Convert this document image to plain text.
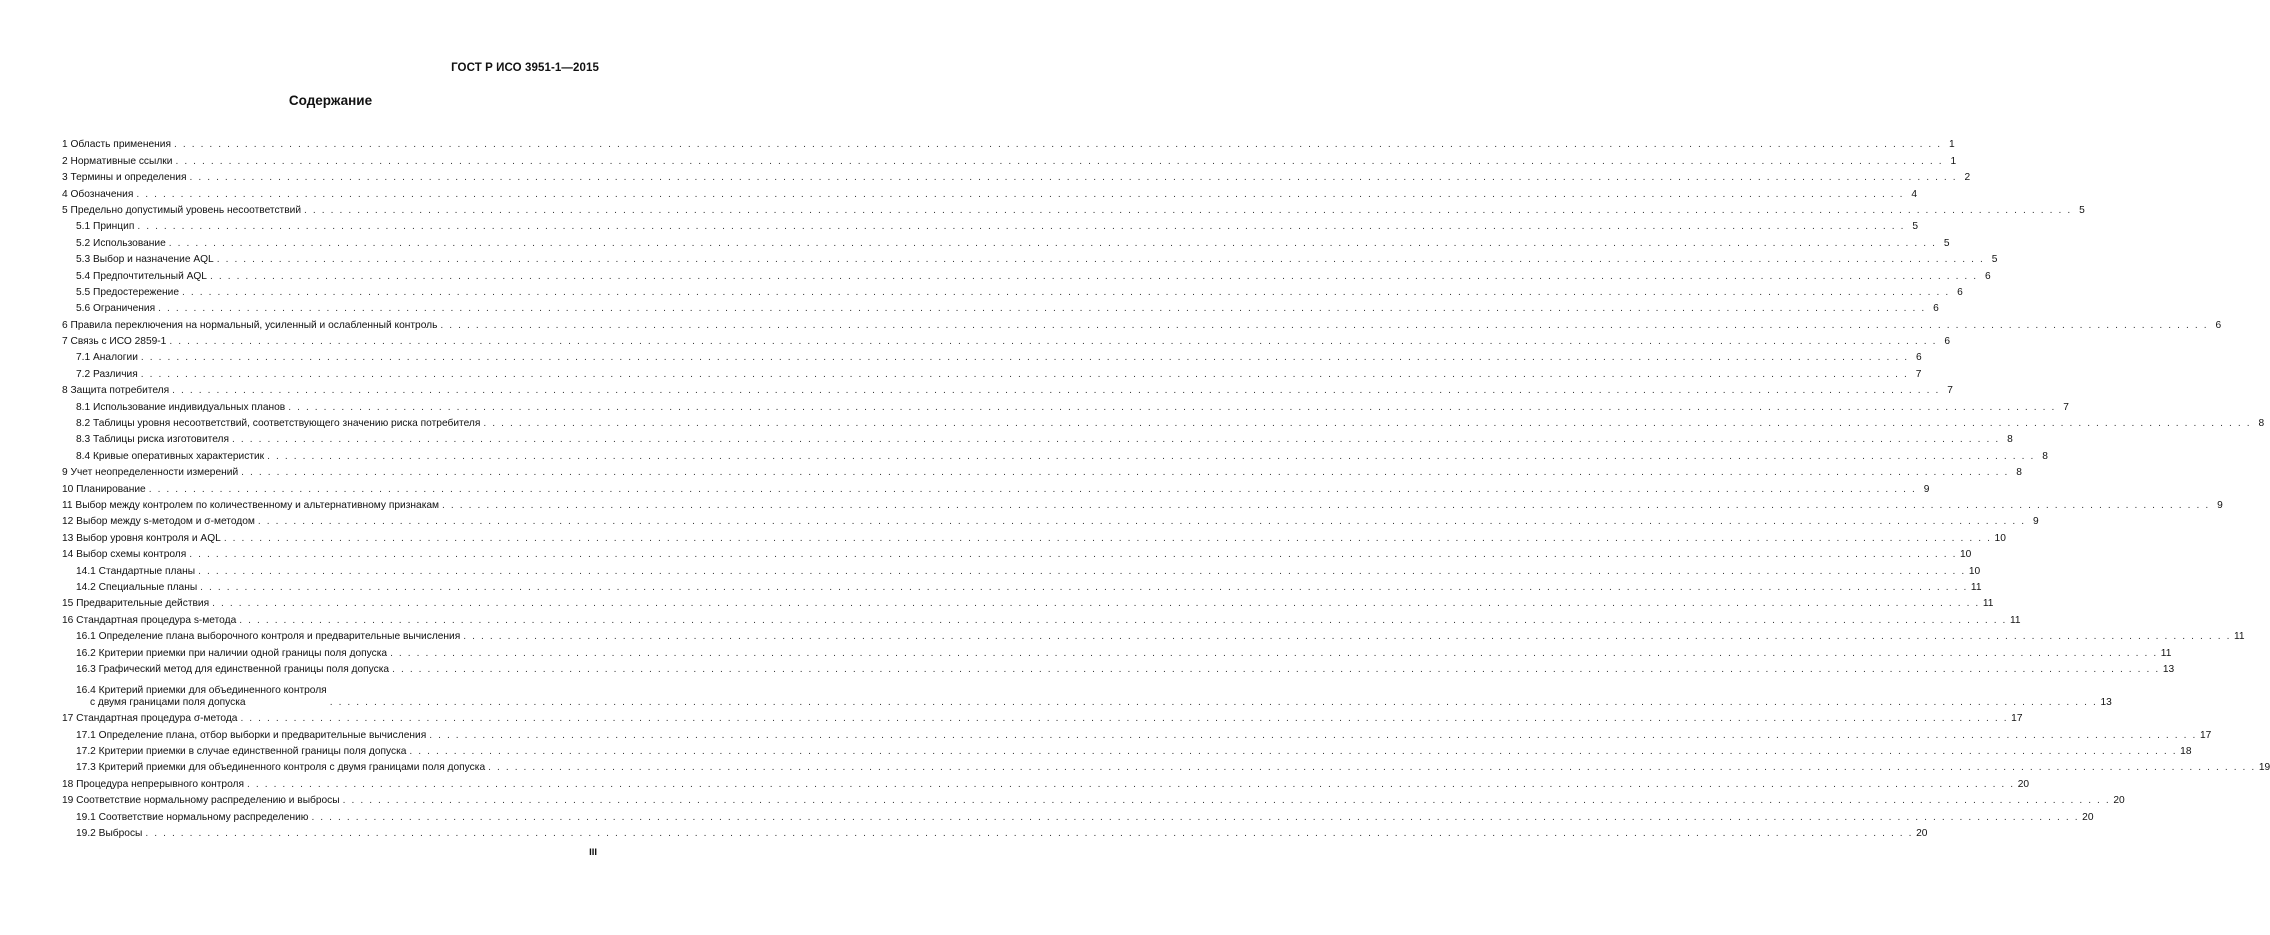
ГОСТ Р ИСО 3951-1—2015
Содержание
1 Область применения . . . . . . . . . . . . . . . . . . . . . . . . . . . . . . . . . . . . . . . . . . . . . . . . . . . . . . . . . . . . . . . . . . . . . . . . . . . . . . . . . . . . . . . . . . . . . . . . . . . . . . . . . . . . . . . . . . . . . . . . . . . . . . . . . . . . . . . . . . . . . . . . . . . . . . . . . . . . . . . . . . . . . . . . . . . . . . . . . . . . . . . . . . . . . . . . . . . . . . . . 1
2 Нормативные ссылки . . . . . . . . . . . . . . . . . . . . . . . . . . . . . . . . . . . . . . . . . . . . . . . . . . . . . . . . . . . . . . . . . . . . . . . . . . . . . . . . . . . . . . . . . . . . . . . . . . . . . . . . . . . . . . . . . . . . . . . . . . . . . . . . . . . . . . . . . . . . . . . . . . . . . . . . . . . . . . . . . . . . . . . . . . . . . . . . . . . . . . . . . . . . . . . . . . . . . . . . 1
3 Термины и определения . . . . . . . . . . . . . . . . . . . . . . . . . . . . . . . . . . . . . . . . . . . . . . . . . . . . . . . . . . . . . . . . . . . . . . . . . . . . . . . . . . . . . . . . . . . . . . . . . . . . . . . . . . . . . . . . . . . . . . . . . . . . . . . . . . . . . . . . . . . . . . . . . . . . . . . . . . . . . . . . . . . . . . . . . . . . . . . . . . . . . . . . . . . . . . . . . . . . . . . . 2
4 Обозначения . . . . . . . . . . . . . . . . . . . . . . . . . . . . . . . . . . . . . . . . . . . . . . . . . . . . . . . . . . . . . . . . . . . . . . . . . . . . . . . . . . . . . . . . . . . . . . . . . . . . . . . . . . . . . . . . . . . . . . . . . . . . . . . . . . . . . . . . . . . . . . . . . . . . . . . . . . . . . . . . . . . . . . . . . . . . . . . . . . . . . . . . . . . . . . . . . . . . . . . . 4
5 Предельно допустимый уровень несоответствий . . . . . . . . . . . . . . . . . . . . . . . . . . . . . . . . . . . . . . . . . . . . . . . . . . . . . . . . . . . . . . . . . . . . . . . . . . . . . . . . . . . . . . . . . . . . . . . . . . . . . . . . . . . . . . . . . . . . . . . . . . . . . . . . . . . . . . . . . . . . . . . . . . . . . . . . . . . . . . . . . . . . . . . . . . . . . . . . . . . . . . . . . . . . . . . . . . . . . . . . 5
5.1 Принцип . . . . . . . . . . . . . . . . . . . . . . . . . . . . . . . . . . . . . . . . . . . . . . . . . . . . . . . . . . . . . . . . . . . . . . . . . . . . . . . . . . . . . . . . . . . . . . . . . . . . . . . . . . . . . . . . . . . . . . . . . . . . . . . . . . . . . . . . . . . . . . . . . . . . . . . . . . . . . . . . . . . . . . . . . . . . . . . . . . . . . . . . . . . . . . . . . . . . . . . . 5
5.2 Использование . . . . . . . . . . . . . . . . . . . . . . . . . . . . . . . . . . . . . . . . . . . . . . . . . . . . . . . . . . . . . . . . . . . . . . . . . . . . . . . . . . . . . . . . . . . . . . . . . . . . . . . . . . . . . . . . . . . . . . . . . . . . . . . . . . . . . . . . . . . . . . . . . . . . . . . . . . . . . . . . . . . . . . . . . . . . . . . . . . . . . . . . . . . . . . . . . . . . . . . . 5
5.3 Выбор и назначение AQL . . . . . . . . . . . . . . . . . . . . . . . . . . . . . . . . . . . . . . . . . . . . . . . . . . . . . . . . . . . . . . . . . . . . . . . . . . . . . . . . . . . . . . . . . . . . . . . . . . . . . . . . . . . . . . . . . . . . . . . . . . . . . . . . . . . . . . . . . . . . . . . . . . . . . . . . . . . . . . . . . . . . . . . . . . . . . . . . . . . . . . . . . . . . . . . . . . . . . . . . 5
5.4 Предпочтительный AQL . . . . . . . . . . . . . . . . . . . . . . . . . . . . . . . . . . . . . . . . . . . . . . . . . . . . . . . . . . . . . . . . . . . . . . . . . . . . . . . . . . . . . . . . . . . . . . . . . . . . . . . . . . . . . . . . . . . . . . . . . . . . . . . . . . . . . . . . . . . . . . . . . . . . . . . . . . . . . . . . . . . . . . . . . . . . . . . . . . . . . . . . . . . . . . . . . . . . . . . . 6
5.5 Предостережение . . . . . . . . . . . . . . . . . . . . . . . . . . . . . . . . . . . . . . . . . . . . . . . . . . . . . . . . . . . . . . . . . . . . . . . . . . . . . . . . . . . . . . . . . . . . . . . . . . . . . . . . . . . . . . . . . . . . . . . . . . . . . . . . . . . . . . . . . . . . . . . . . . . . . . . . . . . . . . . . . . . . . . . . . . . . . . . . . . . . . . . . . . . . . . . . . . . . . . . . 6
5.6 Ограничения . . . . . . . . . . . . . . . . . . . . . . . . . . . . . . . . . . . . . . . . . . . . . . . . . . . . . . . . . . . . . . . . . . . . . . . . . . . . . . . . . . . . . . . . . . . . . . . . . . . . . . . . . . . . . . . . . . . . . . . . . . . . . . . . . . . . . . . . . . . . . . . . . . . . . . . . . . . . . . . . . . . . . . . . . . . . . . . . . . . . . . . . . . . . . . . . . . . . . . . . 6
6 Правила переключения на нормальный, усиленный и ослабленный контроль . . . . . . . . . . . . . . . . . . . . . . . . . . . . . . . . . . . . . . . . . . . . . . . . . . . . . . . . . . . . . . . . . . . . . . . . . . . . . . . . . . . . . . . . . . . . . . . . . . . . . . . . . . . . . . . . . . . . . . . . . . . . . . . . . . . . . . . . . . . . . . . . . . . . . . . . . . . . . . . . . . . . . . . . . . . . . . . . . . . . . . . . . . . . . . . . . . . . . . . . 6
7 Связь с ИСО 2859-1 . . . . . . . . . . . . . . . . . . . . . . . . . . . . . . . . . . . . . . . . . . . . . . . . . . . . . . . . . . . . . . . . . . . . . . . . . . . . . . . . . . . . . . . . . . . . . . . . . . . . . . . . . . . . . . . . . . . . . . . . . . . . . . . . . . . . . . . . . . . . . . . . . . . . . . . . . . . . . . . . . . . . . . . . . . . . . . . . . . . . . . . . . . . . . . . . . . . . . . . . 6
7.1 Аналогии . . . . . . . . . . . . . . . . . . . . . . . . . . . . . . . . . . . . . . . . . . . . . . . . . . . . . . . . . . . . . . . . . . . . . . . . . . . . . . . . . . . . . . . . . . . . . . . . . . . . . . . . . . . . . . . . . . . . . . . . . . . . . . . . . . . . . . . . . . . . . . . . . . . . . . . . . . . . . . . . . . . . . . . . . . . . . . . . . . . . . . . . . . . . . . . . . . . . . . . . 6
7.2 Различия . . . . . . . . . . . . . . . . . . . . . . . . . . . . . . . . . . . . . . . . . . . . . . . . . . . . . . . . . . . . . . . . . . . . . . . . . . . . . . . . . . . . . . . . . . . . . . . . . . . . . . . . . . . . . . . . . . . . . . . . . . . . . . . . . . . . . . . . . . . . . . . . . . . . . . . . . . . . . . . . . . . . . . . . . . . . . . . . . . . . . . . . . . . . . . . . . . . . . . . . 7
8 Защита потребителя . . . . . . . . . . . . . . . . . . . . . . . . . . . . . . . . . . . . . . . . . . . . . . . . . . . . . . . . . . . . . . . . . . . . . . . . . . . . . . . . . . . . . . . . . . . . . . . . . . . . . . . . . . . . . . . . . . . . . . . . . . . . . . . . . . . . . . . . . . . . . . . . . . . . . . . . . . . . . . . . . . . . . . . . . . . . . . . . . . . . . . . . . . . . . . . . . . . . . . . . 7
8.1 Использование индивидуальных планов . . . . . . . . . . . . . . . . . . . . . . . . . . . . . . . . . . . . . . . . . . . . . . . . . . . . . . . . . . . . . . . . . . . . . . . . . . . . . . . . . . . . . . . . . . . . . . . . . . . . . . . . . . . . . . . . . . . . . . . . . . . . . . . . . . . . . . . . . . . . . . . . . . . . . . . . . . . . . . . . . . . . . . . . . . . . . . . . . . . . . . . . . . . . . . . . . . . . . . . . 7
8.2 Таблицы уровня несоответствий, соответствующего значению риска потребителя . . . . . . . . . . . . . . . . . . . . . . . . . . . . . . . . . . . . . . . . . . . . . . . . . . . . . . . . . . . . . . . . . . . . . . . . . . . . . . . . . . . . . . . . . . . . . . . . . . . . . . . . . . . . . . . . . . . . . . . . . . . . . . . . . . . . . . . . . . . . . . . . . . . . . . . . . . . . . . . . . . . . . . . . . . . . . . . . . . . . . . . . . . . . . . . . . . . . . . . . 8
8.3 Таблицы риска изготовителя . . . . . . . . . . . . . . . . . . . . . . . . . . . . . . . . . . . . . . . . . . . . . . . . . . . . . . . . . . . . . . . . . . . . . . . . . . . . . . . . . . . . . . . . . . . . . . . . . . . . . . . . . . . . . . . . . . . . . . . . . . . . . . . . . . . . . . . . . . . . . . . . . . . . . . . . . . . . . . . . . . . . . . . . . . . . . . . . . . . . . . . . . . . . . . . . . . . . . . . . 8
8.4 Кривые оперативных характеристик . . . . . . . . . . . . . . . . . . . . . . . . . . . . . . . . . . . . . . . . . . . . . . . . . . . . . . . . . . . . . . . . . . . . . . . . . . . . . . . . . . . . . . . . . . . . . . . . . . . . . . . . . . . . . . . . . . . . . . . . . . . . . . . . . . . . . . . . . . . . . . . . . . . . . . . . . . . . . . . . . . . . . . . . . . . . . . . . . . . . . . . . . . . . . . . . . . . . . . . . 8
9 Учет неопределенности измерений . . . . . . . . . . . . . . . . . . . . . . . . . . . . . . . . . . . . . . . . . . . . . . . . . . . . . . . . . . . . . . . . . . . . . . . . . . . . . . . . . . . . . . . . . . . . . . . . . . . . . . . . . . . . . . . . . . . . . . . . . . . . . . . . . . . . . . . . . . . . . . . . . . . . . . . . . . . . . . . . . . . . . . . . . . . . . . . . . . . . . . . . . . . . . . . . . . . . . . . . 8
10 Планирование . . . . . . . . . . . . . . . . . . . . . . . . . . . . . . . . . . . . . . . . . . . . . . . . . . . . . . . . . . . . . . . . . . . . . . . . . . . . . . . . . . . . . . . . . . . . . . . . . . . . . . . . . . . . . . . . . . . . . . . . . . . . . . . . . . . . . . . . . . . . . . . . . . . . . . . . . . . . . . . . . . . . . . . . . . . . . . . . . . . . . . . . . . . . . . . . . . . . . . . . 9
11 Выбор между контролем по количественному и альтернативному признакам . . . . . . . . . . . . . . . . . . . . . . . . . . . . . . . . . . . . . . . . . . . . . . . . . . . . . . . . . . . . . . . . . . . . . . . . . . . . . . . . . . . . . . . . . . . . . . . . . . . . . . . . . . . . . . . . . . . . . . . . . . . . . . . . . . . . . . . . . . . . . . . . . . . . . . . . . . . . . . . . . . . . . . . . . . . . . . . . . . . . . . . . . . . . . . . . . . . . . . . . 9
12 Выбор между s-методом и σ-методом . . . . . . . . . . . . . . . . . . . . . . . . . . . . . . . . . . . . . . . . . . . . . . . . . . . . . . . . . . . . . . . . . . . . . . . . . . . . . . . . . . . . . . . . . . . . . . . . . . . . . . . . . . . . . . . . . . . . . . . . . . . . . . . . . . . . . . . . . . . . . . . . . . . . . . . . . . . . . . . . . . . . . . . . . . . . . . . . . . . . . . . . . . . . . . . . . . . . . . . . 9
13 Выбор уровня контроля и AQL . . . . . . . . . . . . . . . . . . . . . . . . . . . . . . . . . . . . . . . . . . . . . . . . . . . . . . . . . . . . . . . . . . . . . . . . . . . . . . . . . . . . . . . . . . . . . . . . . . . . . . . . . . . . . . . . . . . . . . . . . . . . . . . . . . . . . . . . . . . . . . . . . . . . . . . . . . . . . . . . . . . . . . . . . . . . . . . . . . . . . . . . . . . . . . . . . . . . . . . . 10
14 Выбор схемы контроля . . . . . . . . . . . . . . . . . . . . . . . . . . . . . . . . . . . . . . . . . . . . . . . . . . . . . . . . . . . . . . . . . . . . . . . . . . . . . . . . . . . . . . . . . . . . . . . . . . . . . . . . . . . . . . . . . . . . . . . . . . . . . . . . . . . . . . . . . . . . . . . . . . . . . . . . . . . . . . . . . . . . . . . . . . . . . . . . . . . . . . . . . . . . . . . . . . . . . . . . 10
14.1 Стандартные планы . . . . . . . . . . . . . . . . . . . . . . . . . . . . . . . . . . . . . . . . . . . . . . . . . . . . . . . . . . . . . . . . . . . . . . . . . . . . . . . . . . . . . . . . . . . . . . . . . . . . . . . . . . . . . . . . . . . . . . . . . . . . . . . . . . . . . . . . . . . . . . . . . . . . . . . . . . . . . . . . . . . . . . . . . . . . . . . . . . . . . . . . . . . . . . . . . . . . . . . . 10
14.2 Специальные планы . . . . . . . . . . . . . . . . . . . . . . . . . . . . . . . . . . . . . . . . . . . . . . . . . . . . . . . . . . . . . . . . . . . . . . . . . . . . . . . . . . . . . . . . . . . . . . . . . . . . . . . . . . . . . . . . . . . . . . . . . . . . . . . . . . . . . . . . . . . . . . . . . . . . . . . . . . . . . . . . . . . . . . . . . . . . . . . . . . . . . . . . . . . . . . . . . . . . . . . . 11
15 Предварительные действия . . . . . . . . . . . . . . . . . . . . . . . . . . . . . . . . . . . . . . . . . . . . . . . . . . . . . . . . . . . . . . . . . . . . . . . . . . . . . . . . . . . . . . . . . . . . . . . . . . . . . . . . . . . . . . . . . . . . . . . . . . . . . . . . . . . . . . . . . . . . . . . . . . . . . . . . . . . . . . . . . . . . . . . . . . . . . . . . . . . . . . . . . . . . . . . . . . . . . . . . 11
16 Стандартная процедура s-метода . . . . . . . . . . . . . . . . . . . . . . . . . . . . . . . . . . . . . . . . . . . . . . . . . . . . . . . . . . . . . . . . . . . . . . . . . . . . . . . . . . . . . . . . . . . . . . . . . . . . . . . . . . . . . . . . . . . . . . . . . . . . . . . . . . . . . . . . . . . . . . . . . . . . . . . . . . . . . . . . . . . . . . . . . . . . . . . . . . . . . . . . . . . . . . . . . . . . . . . . 11
16.1 Определение плана выборочного контроля и предварительные вычисления . . . . . . . . . . . . . . . . . . . . . . . . . . . . . . . . . . . . . . . . . . . . . . . . . . . . . . . . . . . . . . . . . . . . . . . . . . . . . . . . . . . . . . . . . . . . . . . . . . . . . . . . . . . . . . . . . . . . . . . . . . . . . . . . . . . . . . . . . . . . . . . . . . . . . . . . . . . . . . . . . . . . . . . . . . . . . . . . . . . . . . . . . . . . . . . . . . . . . . . . 11
16.2 Критерии приемки при наличии одной границы поля допуска . . . . . . . . . . . . . . . . . . . . . . . . . . . . . . . . . . . . . . . . . . . . . . . . . . . . . . . . . . . . . . . . . . . . . . . . . . . . . . . . . . . . . . . . . . . . . . . . . . . . . . . . . . . . . . . . . . . . . . . . . . . . . . . . . . . . . . . . . . . . . . . . . . . . . . . . . . . . . . . . . . . . . . . . . . . . . . . . . . . . . . . . . . . . . . . . . . . . . . . . 11
16.3 Графический метод для единственной границы поля допуска . . . . . . . . . . . . . . . . . . . . . . . . . . . . . . . . . . . . . . . . . . . . . . . . . . . . . . . . . . . . . . . . . . . . . . . . . . . . . . . . . . . . . . . . . . . . . . . . . . . . . . . . . . . . . . . . . . . . . . . . . . . . . . . . . . . . . . . . . . . . . . . . . . . . . . . . . . . . . . . . . . . . . . . . . . . . . . . . . . . . . . . . . . . . . . . . . . . . . . . . 13
16.4 Критерий приемки для объединенного контроля
с двумя границами поля допуска	. . . . . . . . . . . . . . . . . . . . . . . . . . . . . . . . . . . . . . . . . . . . . . . . . . . . . . . . . . . . . . . . . . . . . . . . . . . . . . . . . . . . . . . . . . . . . . . . . . . . . . . . . . . . . . . . . . . . . . . . . . . . . . . . . . . . . . . . . . . . . . . . . . . . . . . . . . . . . . . . . . . . . . . . . . . . . . . . . . . . . . . . . . . . . . . . . . . . . . . . 13
17 Стандартная процедура σ-метода . . . . . . . . . . . . . . . . . . . . . . . . . . . . . . . . . . . . . . . . . . . . . . . . . . . . . . . . . . . . . . . . . . . . . . . . . . . . . . . . . . . . . . . . . . . . . . . . . . . . . . . . . . . . . . . . . . . . . . . . . . . . . . . . . . . . . . . . . . . . . . . . . . . . . . . . . . . . . . . . . . . . . . . . . . . . . . . . . . . . . . . . . . . . . . . . . . . . . . . . 17
17.1 Определение плана, отбор выборки и предварительные вычисления . . . . . . . . . . . . . . . . . . . . . . . . . . . . . . . . . . . . . . . . . . . . . . . . . . . . . . . . . . . . . . . . . . . . . . . . . . . . . . . . . . . . . . . . . . . . . . . . . . . . . . . . . . . . . . . . . . . . . . . . . . . . . . . . . . . . . . . . . . . . . . . . . . . . . . . . . . . . . . . . . . . . . . . . . . . . . . . . . . . . . . . . . . . . . . . . . . . . . . . . 17
17.2 Критерии приемки в случае единственной границы поля допуска . . . . . . . . . . . . . . . . . . . . . . . . . . . . . . . . . . . . . . . . . . . . . . . . . . . . . . . . . . . . . . . . . . . . . . . . . . . . . . . . . . . . . . . . . . . . . . . . . . . . . . . . . . . . . . . . . . . . . . . . . . . . . . . . . . . . . . . . . . . . . . . . . . . . . . . . . . . . . . . . . . . . . . . . . . . . . . . . . . . . . . . . . . . . . . . . . . . . . . . . 18
17.3 Критерий приемки для объединенного контроля с двумя границами поля допуска . . . . . . . . . . . . . . . . . . . . . . . . . . . . . . . . . . . . . . . . . . . . . . . . . . . . . . . . . . . . . . . . . . . . . . . . . . . . . . . . . . . . . . . . . . . . . . . . . . . . . . . . . . . . . . . . . . . . . . . . . . . . . . . . . . . . . . . . . . . . . . . . . . . . . . . . . . . . . . . . . . . . . . . . . . . . . . . . . . . . . . . . . . . . . . . . . . . . . . . . 19
18 Процедура непрерывного контроля . . . . . . . . . . . . . . . . . . . . . . . . . . . . . . . . . . . . . . . . . . . . . . . . . . . . . . . . . . . . . . . . . . . . . . . . . . . . . . . . . . . . . . . . . . . . . . . . . . . . . . . . . . . . . . . . . . . . . . . . . . . . . . . . . . . . . . . . . . . . . . . . . . . . . . . . . . . . . . . . . . . . . . . . . . . . . . . . . . . . . . . . . . . . . . . . . . . . . . . . 20
19 Соответствие нормальному распределению и выбросы . . . . . . . . . . . . . . . . . . . . . . . . . . . . . . . . . . . . . . . . . . . . . . . . . . . . . . . . . . . . . . . . . . . . . . . . . . . . . . . . . . . . . . . . . . . . . . . . . . . . . . . . . . . . . . . . . . . . . . . . . . . . . . . . . . . . . . . . . . . . . . . . . . . . . . . . . . . . . . . . . . . . . . . . . . . . . . . . . . . . . . . . . . . . . . . . . . . . . . . . 20
19.1 Соответствие нормальному распределению . . . . . . . . . . . . . . . . . . . . . . . . . . . . . . . . . . . . . . . . . . . . . . . . . . . . . . . . . . . . . . . . . . . . . . . . . . . . . . . . . . . . . . . . . . . . . . . . . . . . . . . . . . . . . . . . . . . . . . . . . . . . . . . . . . . . . . . . . . . . . . . . . . . . . . . . . . . . . . . . . . . . . . . . . . . . . . . . . . . . . . . . . . . . . . . . . . . . . . . . 20
19.2 Выбросы . . . . . . . . . . . . . . . . . . . . . . . . . . . . . . . . . . . . . . . . . . . . . . . . . . . . . . . . . . . . . . . . . . . . . . . . . . . . . . . . . . . . . . . . . . . . . . . . . . . . . . . . . . . . . . . . . . . . . . . . . . . . . . . . . . . . . . . . . . . . . . . . . . . . . . . . . . . . . . . . . . . . . . . . . . . . . . . . . . . . . . . . . . . . . . . . . . . . . . . . 20
III
